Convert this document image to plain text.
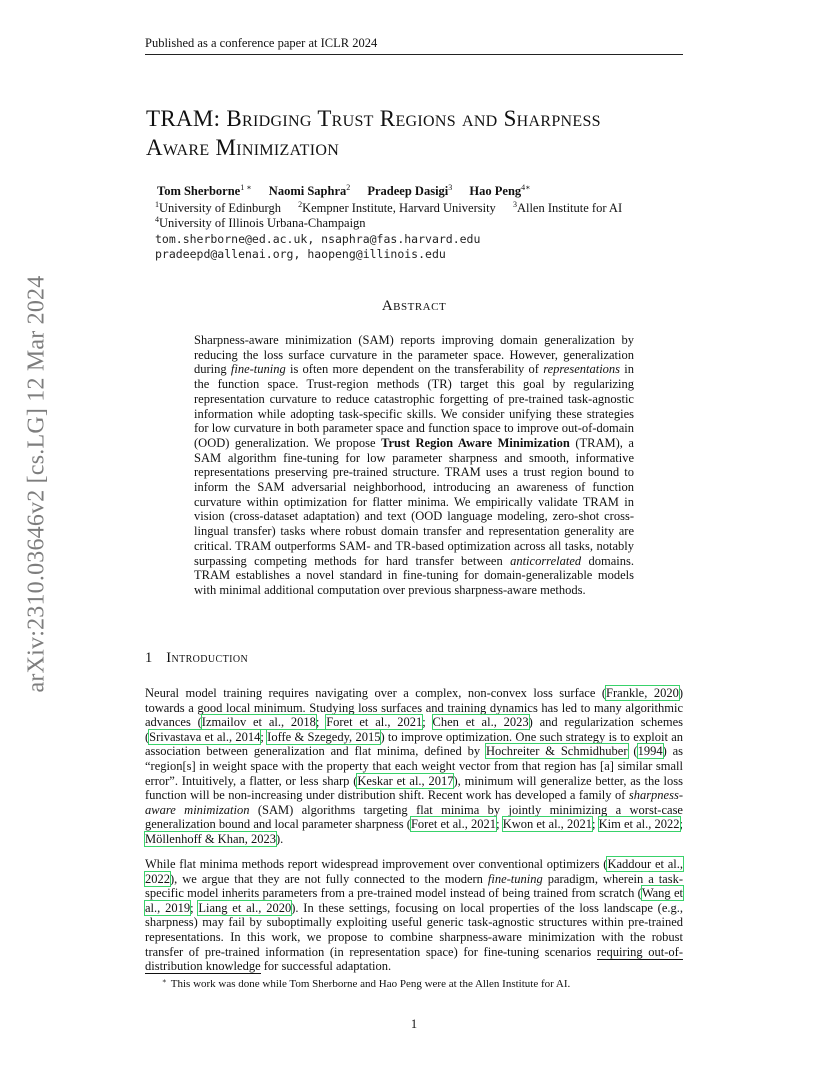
Published as a conference paper at ICLR 2024
arXiv:2310.03646v2 [cs.LG] 12 Mar 2024
TRAM: Bridging Trust Regions and Sharpness
Aware Minimization
Tom Sherborne$^{1 ∗}$ Naomi Saphra$^2$ Pradeep Dasigi$^3$ Hao Peng$^{4∗}$
$^1$University of Edinburgh $^2$Kempner Institute, Harvard University $^3$Allen Institute for AI
$^4$University of Illinois Urbana-Champaign
tom.sherborne@ed.ac.uk, nsaphra@fas.harvard.edu
pradeepd@allenai.org, haopeng@illinois.edu
Abstract
Sharpness-aware minimization (SAM) reports improving domain generalization by reducing the loss surface curvature in the parameter space. However, generalization during fine-tuning is often more dependent on the transferability of representations in the function space. Trust-region methods (TR) target this goal by regularizing representation curvature to reduce catastrophic forgetting of pre-trained task-agnostic information while adopting task-specific skills. We consider unifying these strategies for low curvature in both parameter space and function space to improve out-of-domain (OOD) generalization. We propose Trust Region Aware Minimization (TRAM), a SAM algorithm fine-tuning for low parameter sharpness and smooth, informative representations preserving pre-trained structure. TRAM uses a trust region bound to inform the SAM adversarial neighborhood, introducing an awareness of function curvature within optimization for flatter minima. We empirically validate TRAM in vision (cross-dataset adaptation) and text (OOD language modeling, zero-shot cross-lingual transfer) tasks where robust domain transfer and representation generality are critical. TRAM outperforms SAM- and TR-based optimization across all tasks, notably surpassing competing methods for hard transfer between anticorrelated domains. TRAM establishes a novel standard in fine-tuning for domain-generalizable models with minimal additional computation over previous sharpness-aware methods.
1 Introduction
Neural model training requires navigating over a complex, non-convex loss surface (Frankle, 2020) towards a good local minimum. Studying loss surfaces and training dynamics has led to many algorithmic advances (Izmailov et al., 2018; Foret et al., 2021; Chen et al., 2023) and regularization schemes (Srivastava et al., 2014; Ioffe & Szegedy, 2015) to improve optimization. One such strategy is to exploit an association between generalization and flat minima, defined by Hochreiter & Schmidhuber (1994) as “region[s] in weight space with the property that each weight vector from that region has [a] similar small error”. Intuitively, a flatter, or less sharp (Keskar et al., 2017), minimum will generalize better, as the loss function will be non-increasing under distribution shift. Recent work has developed a family of sharpness-aware minimization (SAM) algorithms targeting flat minima by jointly minimizing a worst-case generalization bound and local parameter sharpness (Foret et al., 2021; Kwon et al., 2021; Kim et al., 2022; Möllenhoff & Khan, 2023).
While flat minima methods report widespread improvement over conventional optimizers (Kaddour et al., 2022), we argue that they are not fully connected to the modern fine-tuning paradigm, wherein a task-specific model inherits parameters from a pre-trained model instead of being trained from scratch (Wang et al., 2019; Liang et al., 2020). In these settings, focusing on local properties of the loss landscape (e.g., sharpness) may fail by suboptimally exploiting useful generic task-agnostic structures within pre-trained representations. In this work, we propose to combine sharpness-aware minimization with the robust transfer of pre-trained information (in representation space) for fine-tuning scenarios requiring out-of-distribution knowledge for successful adaptation.
∗ This work was done while Tom Sherborne and Hao Peng were at the Allen Institute for AI.
1
